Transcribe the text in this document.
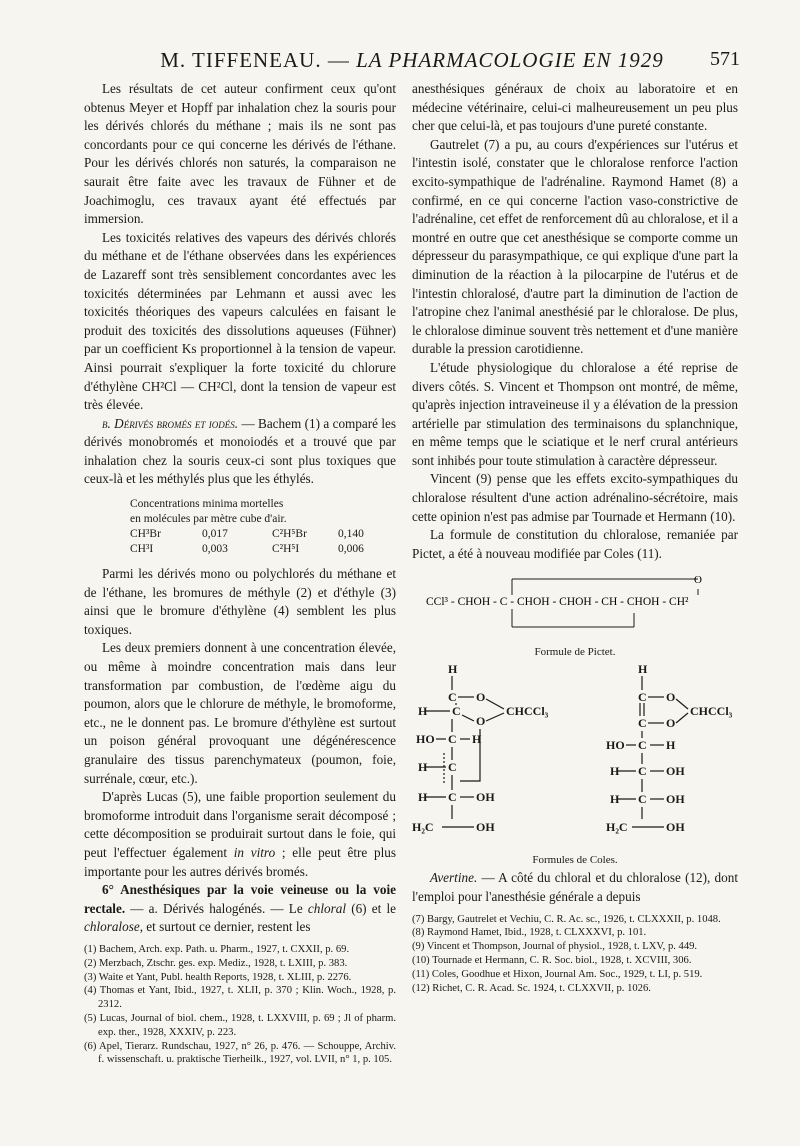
M. TIFFENEAU. — LA PHARMACOLOGIE EN 1929	571

Les résultats de cet auteur confirment ceux qu'ont obtenus Meyer et Hopff par inhalation chez la souris pour les dérivés chlorés du méthane ; mais ils ne sont pas concordants pour ce qui concerne les dérivés de l'éthane. Pour les dérivés chlorés non saturés, la comparaison ne saurait être faite avec les travaux de Fühner et de Joachimoglu, ces travaux ayant été effectués par immersion.

Les toxicités relatives des vapeurs des dérivés chlorés du méthane et de l'éthane observées dans les expériences de Lazareff sont très sensiblement concordantes avec les toxicités déterminées par Lehmann et aussi avec les toxicités théoriques des vapeurs calculées en faisant le produit des toxicités des dissolutions aqueuses (Fühner) par un coefficient Ks proportionnel à la tension de vapeur. Ainsi pourrait s'expliquer la forte toxicité du chlorure d'éthylène CH²Cl — CH²Cl, dont la tension de vapeur est très élevée.

b. Dérivés bromés et iodés. — Bachem (1) a comparé les dérivés monobromés et monoiodés et a trouvé que par inhalation chez la souris ceux-ci sont plus toxiques que ceux-là et les méthylés plus que les éthylés.

Concentrations minima mortelles
en molécules par mètre cube d'air.
CH³Br	0,017	C²H⁵Br	0,140
CH³I	0,003	C²H⁵I	0,006

Parmi les dérivés mono ou polychlorés du méthane et de l'éthane, les bromures de méthyle (2) et d'éthyle (3) ainsi que le bromure d'éthylène (4) semblent les plus toxiques.

Les deux premiers donnent à une concentration élevée, ou même à moindre concentration mais dans leur transformation par combustion, de l'œdème aigu du poumon, alors que le chlorure de méthyle, le bromoforme, etc., ne le donnent pas. Le bromure d'éthylène est surtout un poison général provoquant une dégénérescence granulaire des tissus parenchymateux (poumon, foie, surrénale, cœur, etc.).

D'après Lucas (5), une faible proportion seulement du bromoforme introduit dans l'organisme serait décomposé ; cette décomposition se produirait surtout dans le foie, qui peut l'effectuer également in vitro ; elle peut être plus importante pour les autres dérivés bromés.

6° Anesthésiques par la voie veineuse ou la voie rectale. — a. Dérivés halogénés. — Le chloral (6) et le chloralose, et surtout ce dernier, restent les

(1) Bachem, Arch. exp. Path. u. Pharm., 1927, t. CXXII, p. 69.

(2) Merzbach, Ztschr. ges. exp. Mediz., 1928, t. LXIII, p. 383.

(3) Waite et Yant, Publ. health Reports, 1928, t. XLIII, p. 2276.

(4) Thomas et Yant, Ibid., 1927, t. XLII, p. 370 ; Klin. Woch., 1928, p. 2312.

(5) Lucas, Journal of biol. chem., 1928, t. LXXVIII, p. 69 ; Jl of pharm. exp. ther., 1928, XXXIV, p. 223.

(6) Apel, Tierarz. Rundschau, 1927, n° 26, p. 476. — Schouppe, Archiv. f. wissenschaft. u. praktische Tierheilk., 1927, vol. LVII, n° 1, p. 105.

anesthésiques généraux de choix au laboratoire et en médecine vétérinaire, celui-ci malheureusement un peu plus cher que celui-là, et pas toujours d'une pureté constante.

Gautrelet (7) a pu, au cours d'expériences sur l'utérus et l'intestin isolé, constater que le chloralose renforce l'action excito-sympathique de l'adrénaline. Raymond Hamet (8) a confirmé, en ce qui concerne l'action vaso-constrictive de l'adrénaline, cet effet de renforcement dû au chloralose, et il a montré en outre que cet anesthésique se comporte comme un dépresseur du parasympathique, ce qui explique d'une part la diminution de la réaction à la pilocarpine de l'utérus et de l'intestin chloralosé, d'autre part la diminution de l'action de l'atropine chez l'animal anesthésié par le chloralose. De plus, le chloralose diminue souvent très nettement et d'une manière durable la pression carotidienne.

L'étude physiologique du chloralose a été reprise de divers côtés. S. Vincent et Thompson ont montré, de même, qu'après injection intraveineuse il y a élévation de la pression artérielle par stimulation des terminaisons du splanchnique, en même temps que le sciatique et le nerf crural antérieurs sont inhibés pour toute stimulation à caractère dépresseur.

Vincent (9) pense que les effets excito-sympathiques du chloralose résultent d'une action adrénalino-sécrétoire, mais cette opinion n'est pas admise par Tournade et Hermann (10).

La formule de constitution du chloralose, remaniée par Pictet, a été à nouveau modifiée par Coles (11).

O
CCl³ - CHOH - C - CHOH - CHOH - CH - CHOH - CH²
Formule de Pictet.
H
C O
CHCCl₃
H C
O
HO C H
H C
H C OH
H₂C	OH
H
C O
CHCCl₃
C O
HO C H
H C OH
H C OH
H₂C	OH
Formules de Coles.

Avertine. — A côté du chloral et du chloralose (12), dont l'emploi pour l'anesthésie générale a depuis

(7) Bargy, Gautrelet et Vechiu, C. R. Ac. sc., 1926, t. CLXXXII, p. 1048.

(8) Raymond Hamet, Ibid., 1928, t. CLXXXVI, p. 101.

(9) Vincent et Thompson, Journal of physiol., 1928, t. LXV, p. 449.

(10) Tournade et Hermann, C. R. Soc. biol., 1928, t. XCVIII, 306.

(11) Coles, Goodhue et Hixon, Journal Am. Soc., 1929, t. LI, p. 519.

(12) Richet, C. R. Acad. Sc. 1924, t. CLXXVII, p. 1026.
